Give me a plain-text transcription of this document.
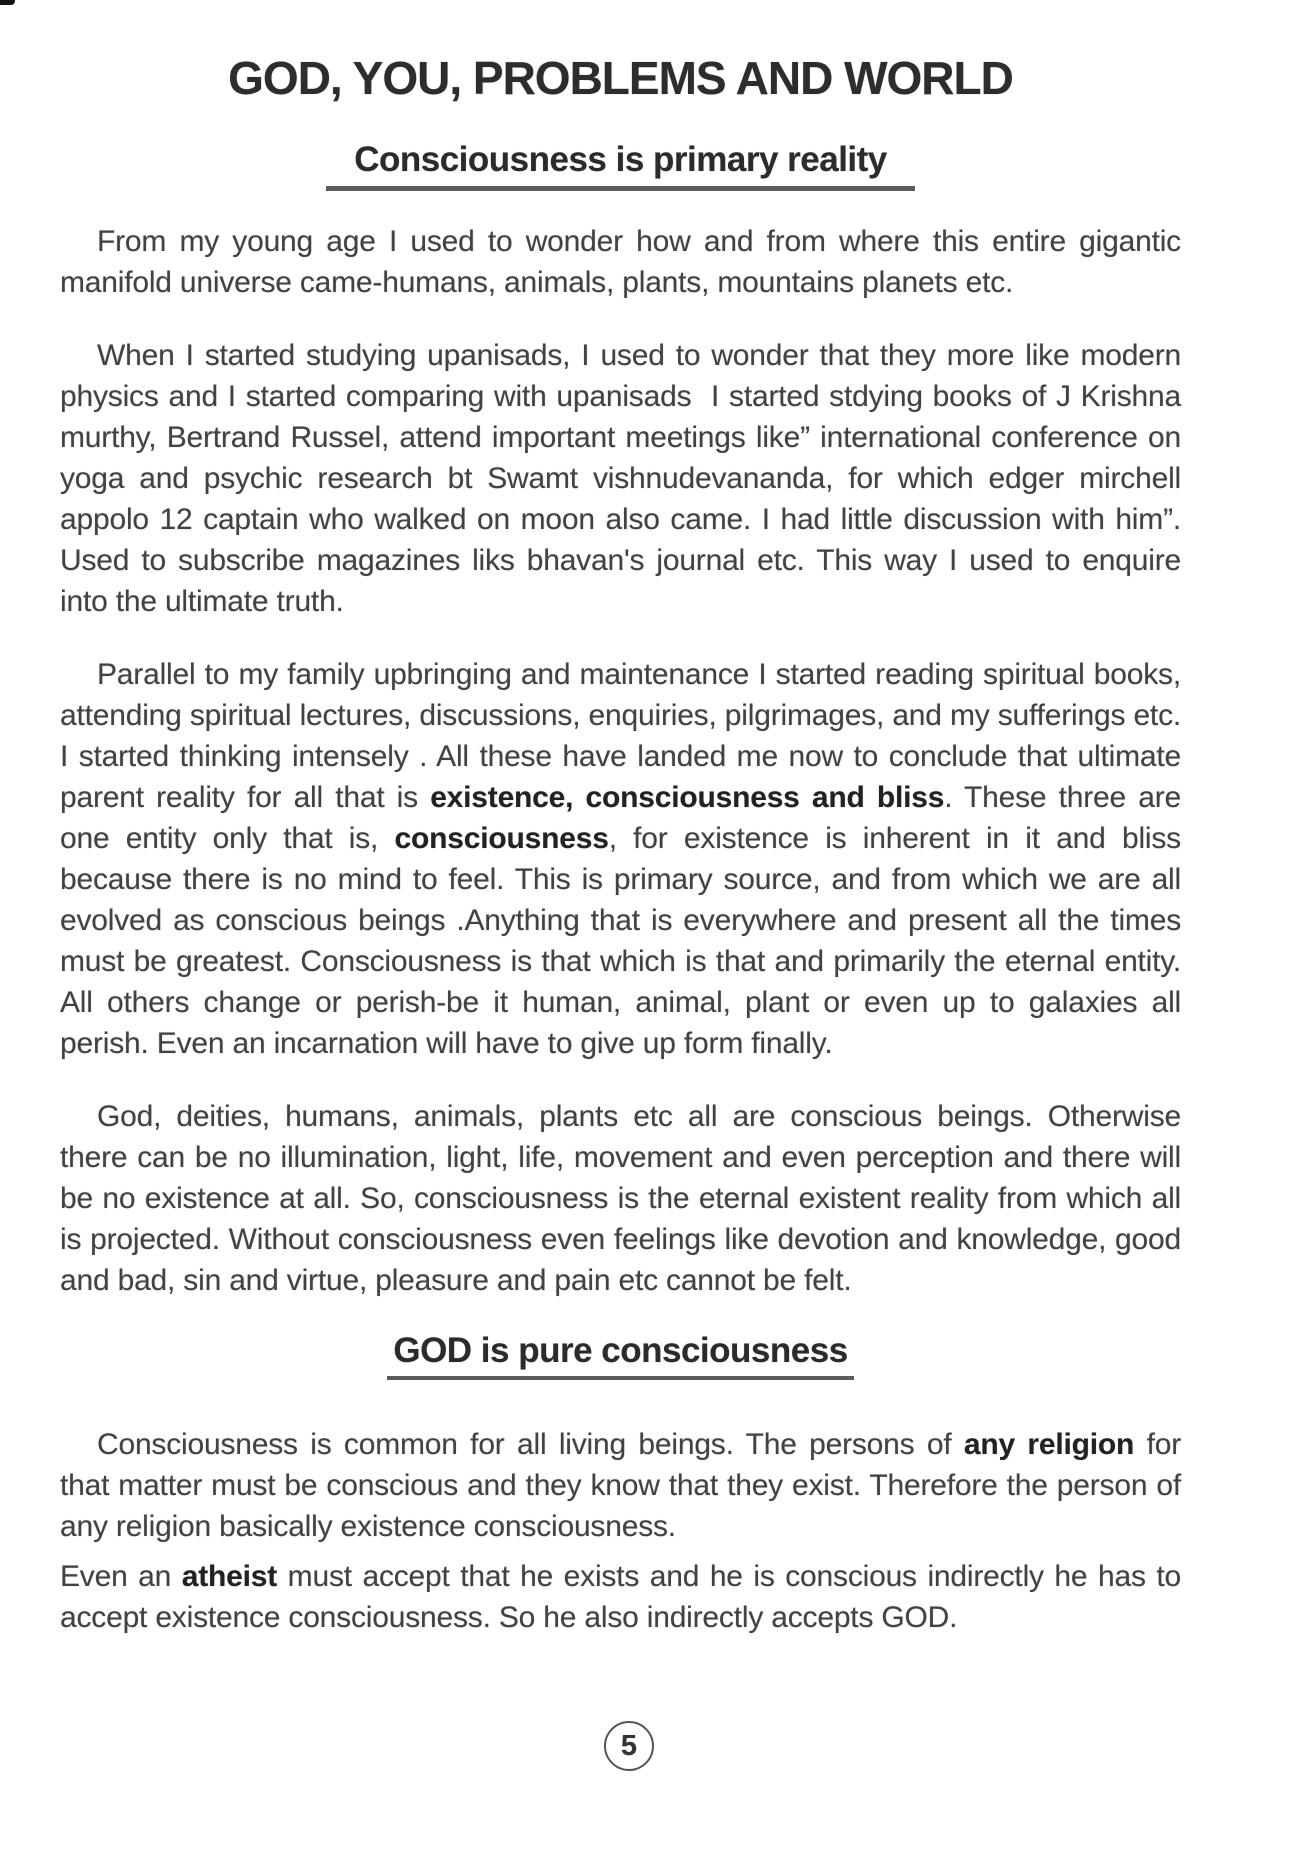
GOD, YOU, PROBLEMS AND WORLD
Consciousness is primary reality

From my young age I used to wonder how and from where this entire gigantic manifold universe came-humans, animals, plants, mountains planets etc.

When I started studying upanisads, I used to wonder that they more like modern physics and I started comparing with upanisads  I started stdying books of J Krishna murthy, Bertrand Russel, attend important meetings like” international conference on yoga and psychic research bt Swamt vishnudevananda, for which edger mirchell appolo 12 captain who walked on moon also came. I had little discussion with him”. Used to subscribe magazines liks bhavan's journal etc. This way I used to enquire into the ultimate truth.

Parallel to my family upbringing and maintenance I started reading spiritual books, attending spiritual lectures, discussions, enquiries, pilgrimages, and my sufferings etc. I started thinking intensely . All these have landed me now to conclude that ultimate parent reality for all that is existence, consciousness and bliss. These three are one entity only that is, consciousness, for existence is inherent in it and bliss because there is no mind to feel. This is primary source, and from which we are all evolved as conscious beings .Anything that is everywhere and present all the times must be greatest. Consciousness is that which is that and primarily the eternal entity. All others change or perish-be it human, animal, plant or even up to galaxies all perish. Even an incarnation will have to give up form finally.

God, deities, humans, animals, plants etc all are conscious beings. Otherwise there can be no illumination, light, life, movement and even perception and there will be no existence at all. So, consciousness is the eternal existent reality from which all is projected. Without consciousness even feelings like devotion and knowledge, good and bad, sin and virtue, pleasure and pain etc cannot be felt.

GOD is pure consciousness

Consciousness is common for all living beings. The persons of any religion for that matter must be conscious and they know that they exist. Therefore the person of any religion basically existence consciousness.

Even an atheist must accept that he exists and he is conscious indirectly he has to accept existence consciousness. So he also indirectly accepts GOD.

5
